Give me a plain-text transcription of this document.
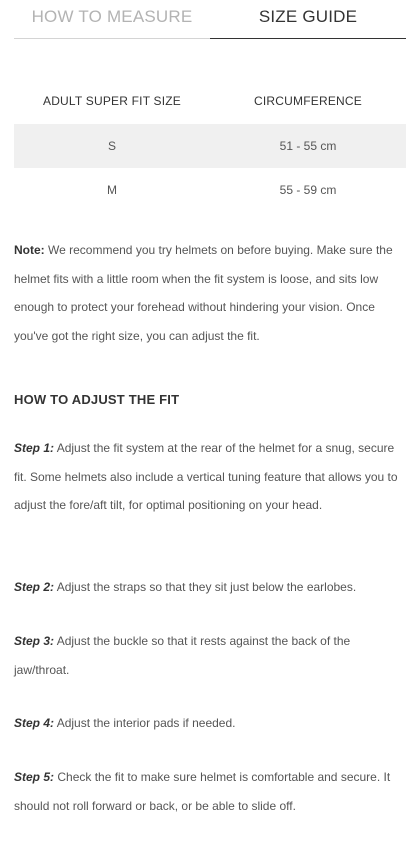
HOW TO MEASURE	SIZE GUIDE
ADULT SUPER FIT SIZE	CIRCUMFERENCE
S	51 - 55 cm
M	55 - 59 cm

Note: We recommend you try helmets on before buying. Make sure the helmet fits with a little room when the fit system is loose, and sits low enough to protect your forehead without hindering your vision. Once you've got the right size, you can adjust the fit.

HOW TO ADJUST THE FIT

Step 1: Adjust the fit system at the rear of the helmet for a snug, secure fit. Some helmets also include a vertical tuning feature that allows you to adjust the fore/aft tilt, for optimal positioning on your head.

Step 2: Adjust the straps so that they sit just below the earlobes.

Step 3: Adjust the buckle so that it rests against the back of the jaw/throat.

Step 4: Adjust the interior pads if needed.

Step 5: Check the fit to make sure helmet is comfortable and secure. It should not roll forward or back, or be able to slide off.
